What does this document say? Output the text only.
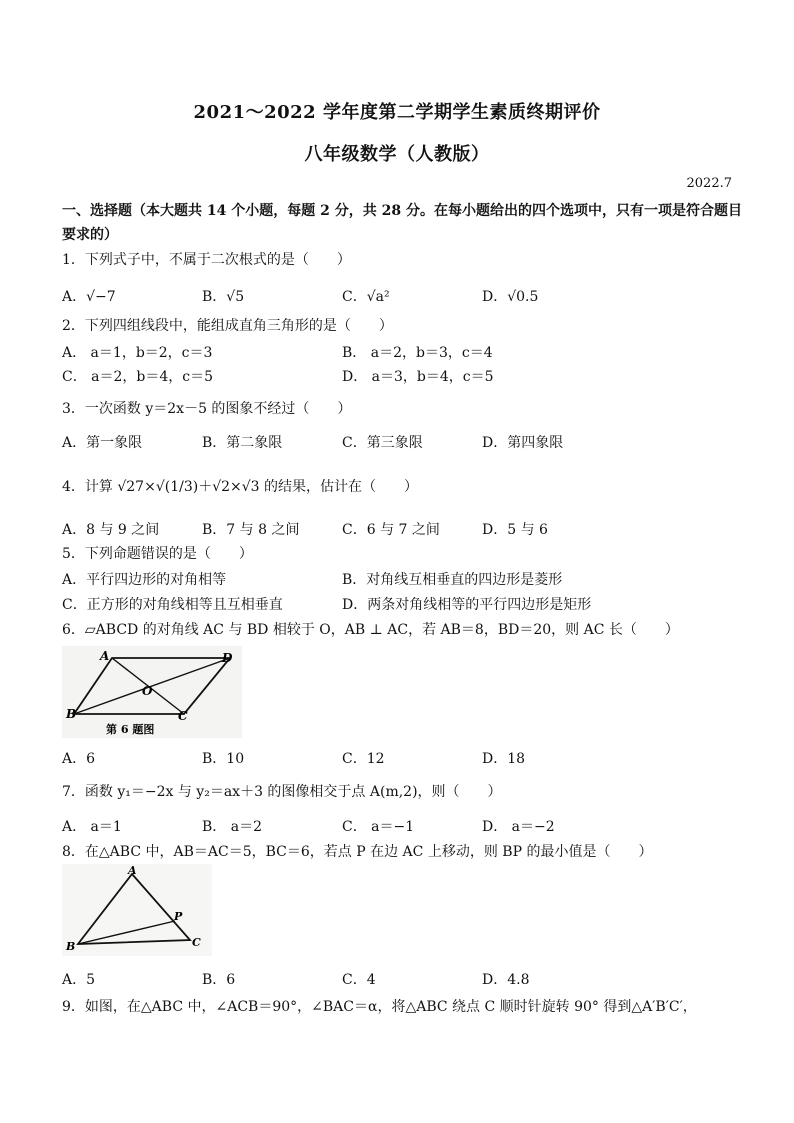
2021～2022 学年度第二学期学生素质终期评价
八年级数学（人教版）
2022.7
一、选择题（本大题共 14 个小题，每题 2 分，共 28 分。在每小题给出的四个选项中，只有一项是符合题目
要求的）
1．下列式子中，不属于二次根式的是（　　）
A．√−7	B．√5	C．√a²	D．√0.5
2．下列四组线段中，能组成直角三角形的是（　　）
A． a＝1，b＝2，c＝3	B． a＝2，b＝3，c＝4
C． a＝2，b＝4，c＝5	D． a＝3，b＝4，c＝5
3．一次函数 y＝2x－5 的图象不经过（　　）
A．第一象限	B．第二象限	C．第三象限	D．第四象限
4．计算 √27×√(1/3)＋√2×√3 的结果，估计在（　　）
A．8 与 9 之间	B．7 与 8 之间	C．6 与 7 之间	D．5 与 6
5．下列命题错误的是（　　）
A．平行四边形的对角相等	B．对角线互相垂直的四边形是菱形
C．正方形的对角线相等且互相垂直	D．两条对角线相等的平行四边形是矩形
6．▱ABCD 的对角线 AC 与 BD 相较于 O，AB ⊥ AC，若 AB＝8，BD＝20，则 AC 长（　　）
A	D
O
B	C
第 6 题图
A．6	B．10	C．12	D．18
7．函数 y₁＝−2x 与 y₂＝ax＋3 的图像相交于点 A(m,2)，则（　　）
A． a＝1	B． a＝2	C． a＝−1	D． a＝−2
8．在△ABC 中，AB＝AC＝5，BC＝6，若点 P 在边 AC 上移动，则 BP 的最小值是（　　）
A
P
B	C
A．5	B．6	C．4	D．4.8
9．如图，在△ABC 中，∠ACB＝90°，∠BAC＝α，将△ABC 绕点 C 顺时针旋转 90° 得到△A′B′C′，
